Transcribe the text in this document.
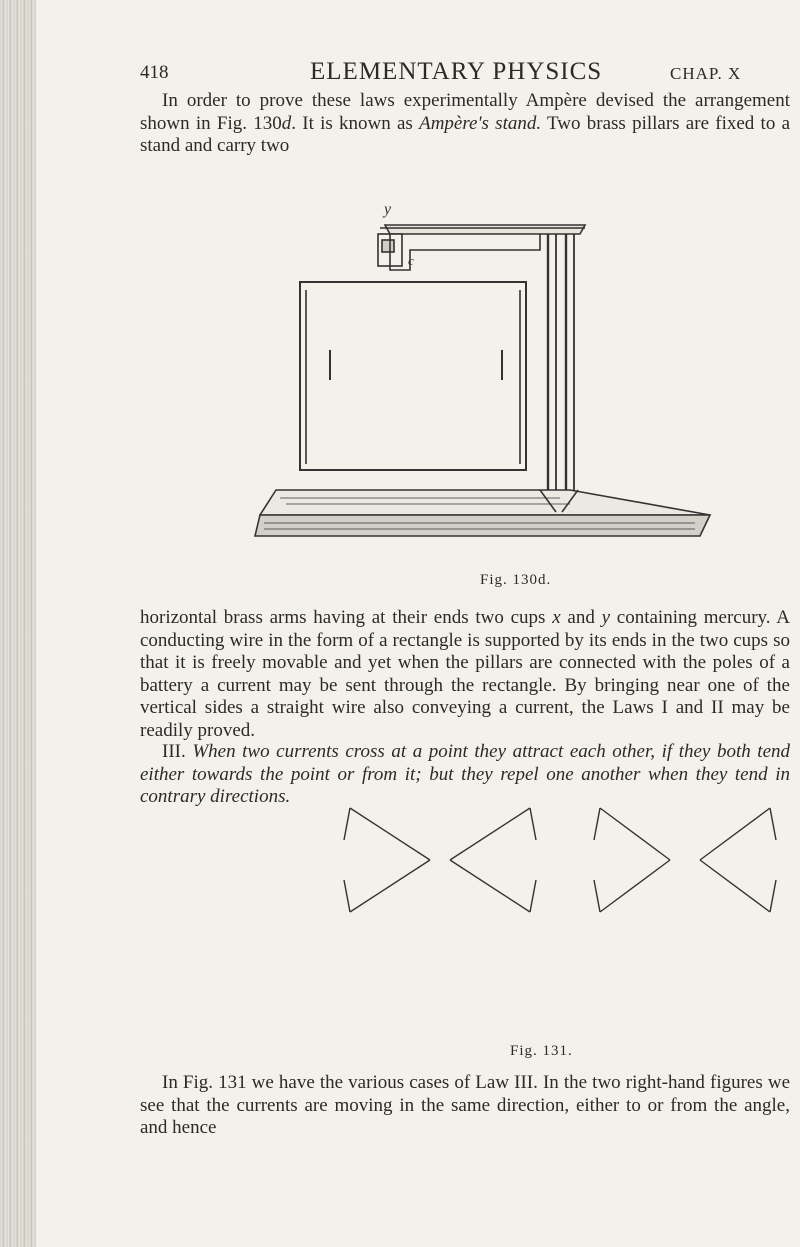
418	ELEMENTARY PHYSICS	CHAP. X
In order to prove these laws experimentally Ampère devised the arrangement shown in Fig. 130d. It is known as Ampère's stand. Two brass pillars are fixed to a stand and carry two
y
c
Fig. 130d.
horizontal brass arms having at their ends two cups x and y containing mercury. A conducting wire in the form of a rectangle is supported by its ends in the two cups so that it is freely movable and yet when the pillars are connected with the poles of a battery a current may be sent through the rectangle. By bringing near one of the vertical sides a straight wire also conveying a current, the Laws I and II may be readily proved.
III. When two currents cross at a point they attract each other, if they both tend either towards the point or from it; but they repel one another when they tend in contrary directions.
Fig. 131.
In Fig. 131 we have the various cases of Law III. In the two right-hand figures we see that the currents are moving in the same direction, either to or from the angle, and hence
